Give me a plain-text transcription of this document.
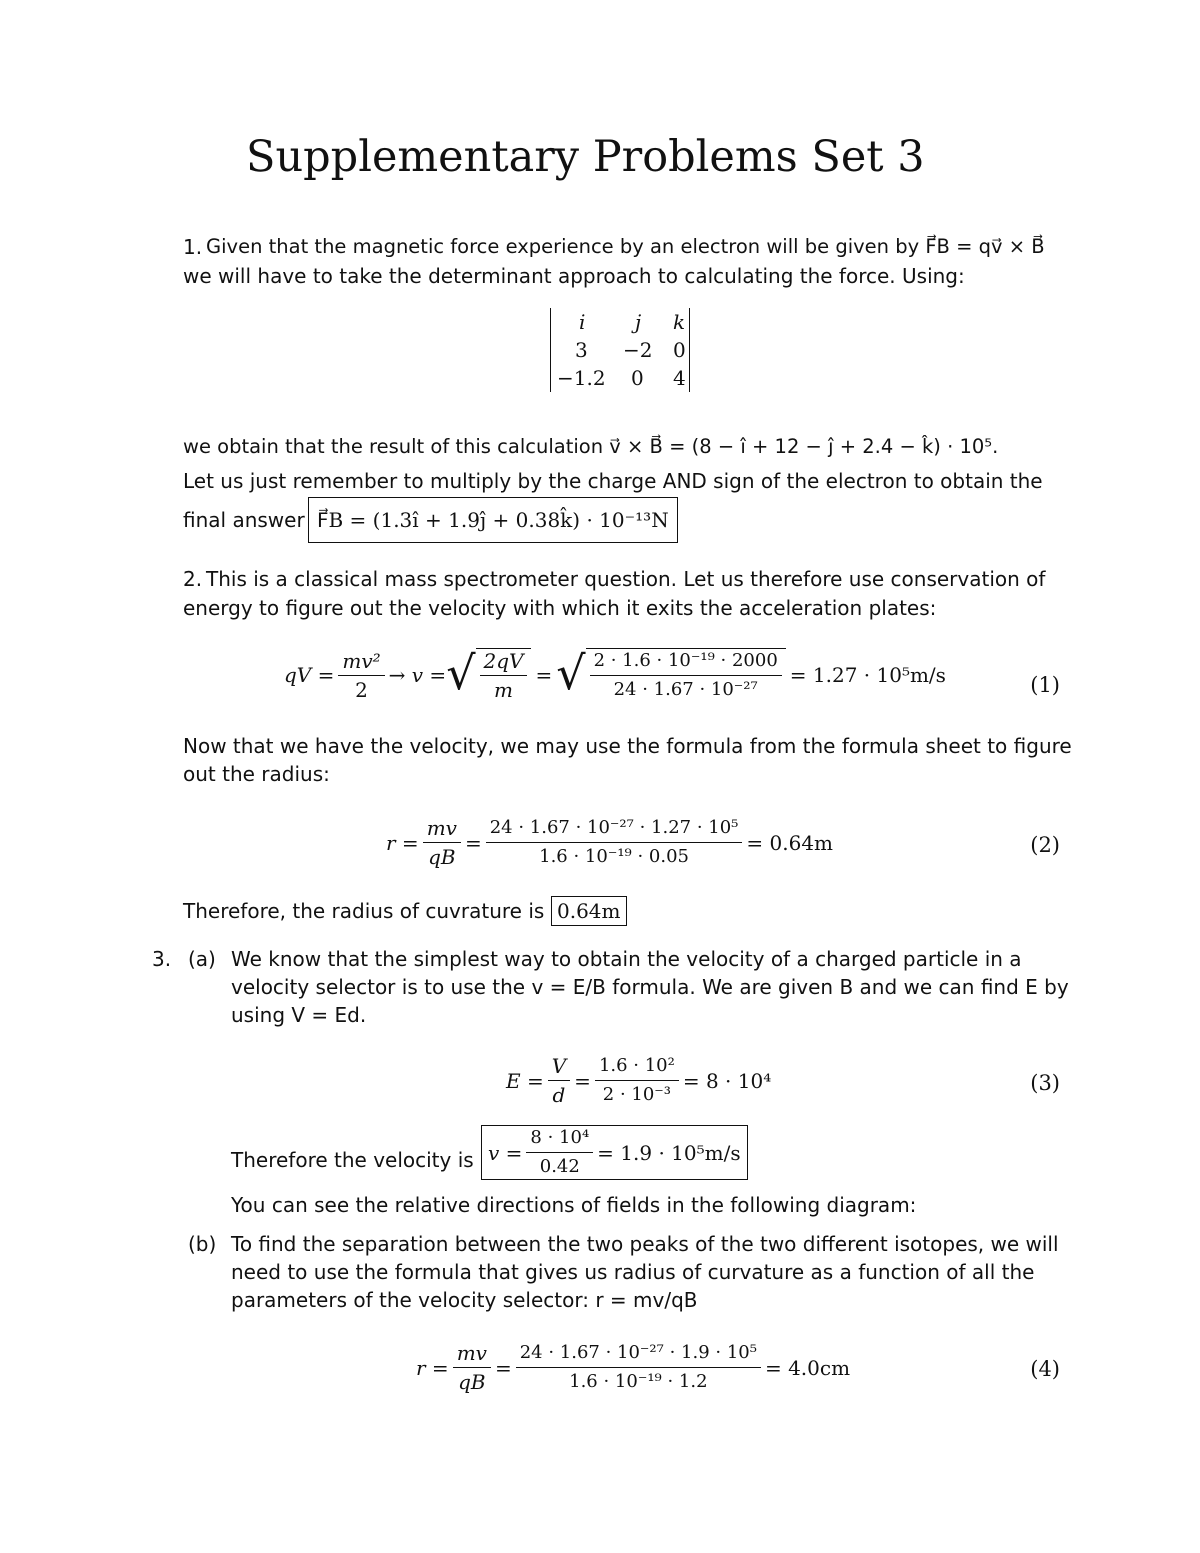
Supplementary Problems Set 3
1. Given that the magnetic force experience by an electron will be given by F⃗B = qv⃗ × B⃗
we will have to take the determinant approach to calculating the force. Using:
i j k
3 −2 0
−1.2 0 4
we obtain that the result of this calculation v⃗ × B⃗ = (8 − î + 12 − ĵ + 2.4 − k̂) · 10⁵.
Let us just remember to multiply by the charge AND sign of the electron to obtain the
final answer F⃗B = (1.3î + 1.9ĵ + 0.38k̂) · 10⁻¹³N
2. This is a classical mass spectrometer question. Let us therefore use conservation of
energy to figure out the velocity with which it exits the acceleration plates:
qV = $\frac{\text{mv²}}{2} \to v$ = √ $\frac{2qV}{m}$ = √ $\frac{\text{2 · 1.6 · 10⁻¹⁹ · 2000}}{\text{24 · 1.67 · 10⁻²⁷}} = 1.27 \cdot 10^5m/s$	(1)
Now that we have the velocity, we may use the formula from the formula sheet to figure
out the radius:
$r = \frac{mv}{qB} = \frac{\text{24 · 1.67 · 10⁻²⁷ · 1.27 · 10⁵}}{\text{1.6 · 10⁻¹⁹ · 0.05}} = 0.64m$	(2)
Therefore, the radius of cuvrature is 0.64m
3. (a) We know that the simplest way to obtain the velocity of a charged particle in a
velocity selector is to use the v = E/B formula. We are given B and we can find E by
using V = Ed.
$E = \frac{V}{d} = \frac{\text{1.6 · 10²}}{\text{2 · 10⁻³}} = 8 \cdot 10^4$	(3)
Therefore the velocity is $v = \frac{\text{8 · 10⁴}}{0.42} = 1.9 \cdot 10^5m/s$
You can see the relative directions of fields in the following diagram:
(b) To find the separation between the two peaks of the two different isotopes, we will
need to use the formula that gives us radius of curvature as a function of all the
parameters of the velocity selector: r = mv/qB
$r = \frac{mv}{qB} = \frac{\text{24 · 1.67 · 10⁻²⁷ · 1.9 · 10⁵}}{\text{1.6 · 10⁻¹⁹ · 1.2}} = 4.0cm$	(4)
